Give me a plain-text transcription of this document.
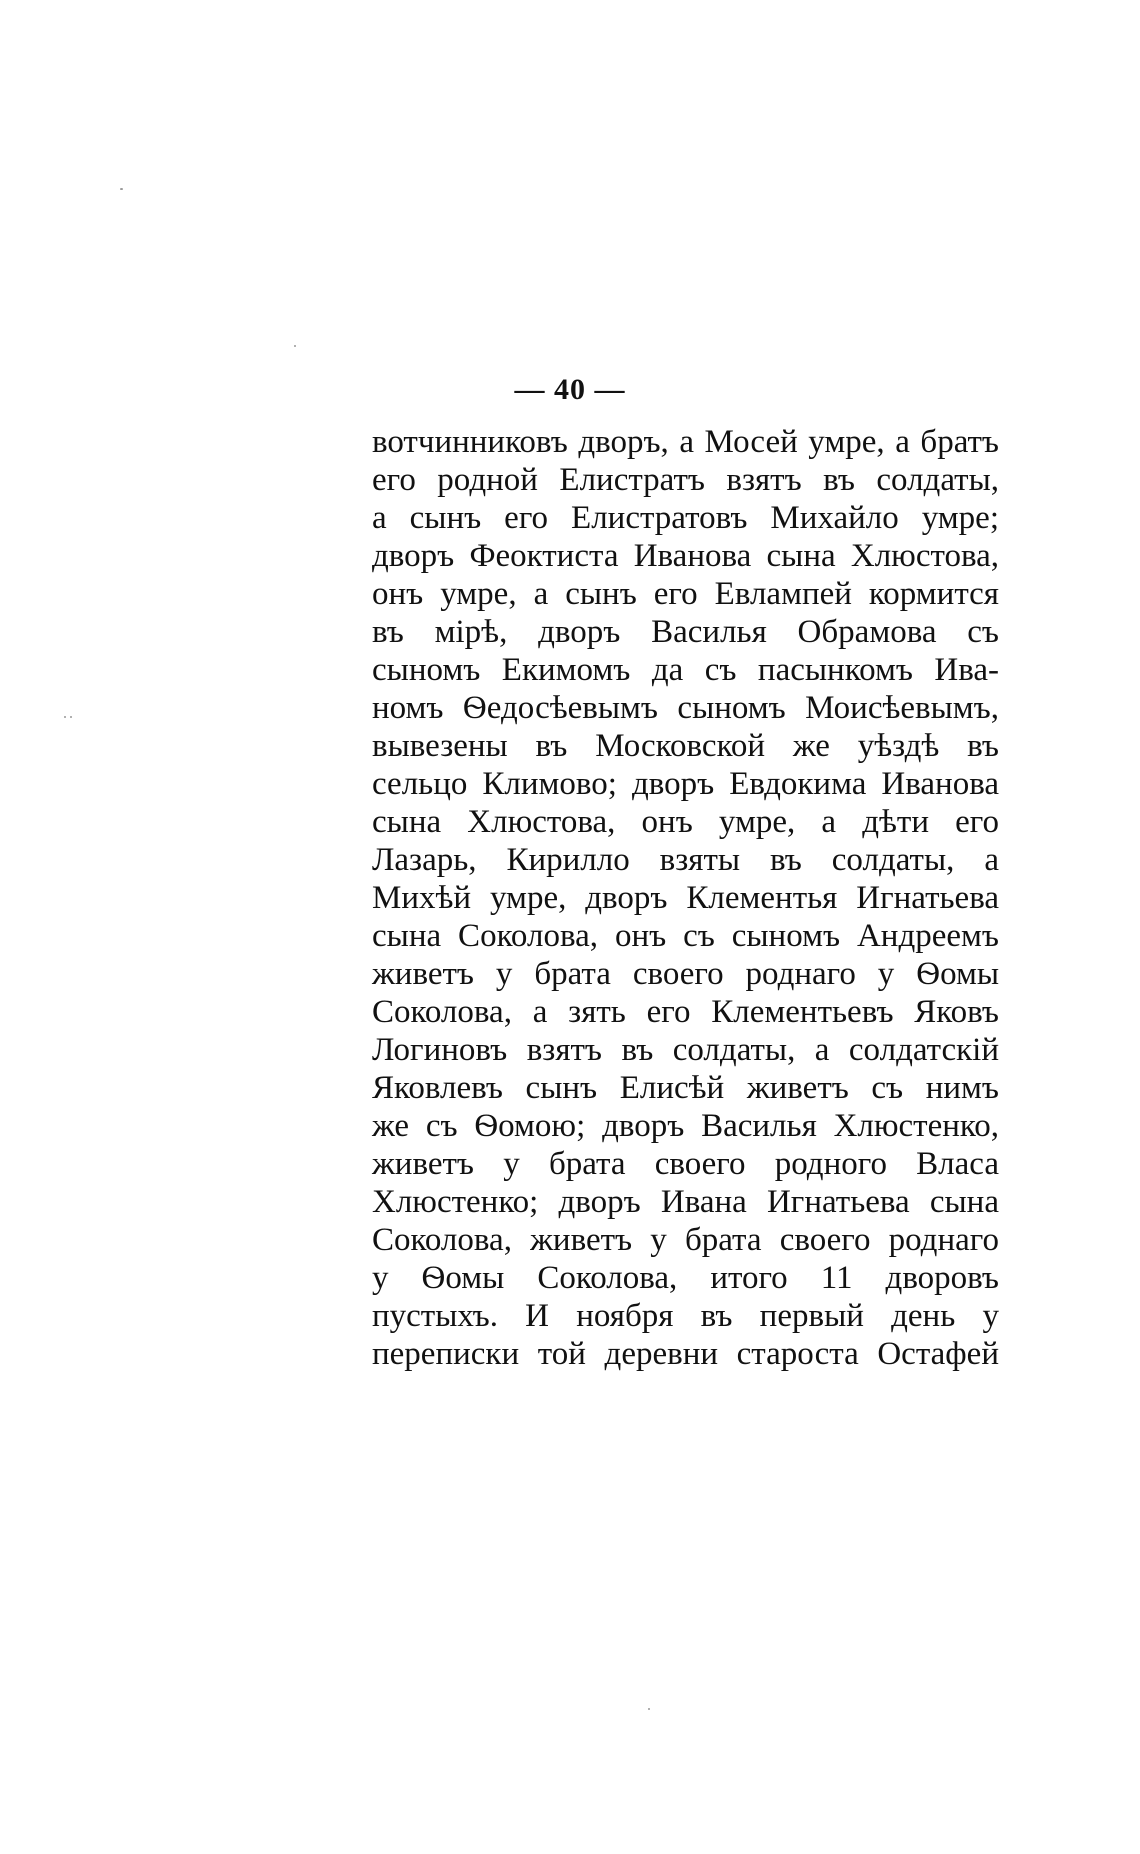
— 40 —
вотчинниковъ дворъ, а Мосей умре, а братъ
его родной Елистратъ взятъ въ солдаты,
а сынъ его Елистратовъ Михайло умре;
дворъ Феоктиста Иванова сына Хлюстова,
онъ умре, а сынъ его Евлампей кормится
въ мірѣ, дворъ Василья Обрамова съ
сыномъ Екимомъ да съ пасынкомъ Ива-
номъ Ѳедосѣевымъ сыномъ Моисѣевымъ,
вывезены въ Московской же уѣздѣ въ
сельцо Климово; дворъ Евдокима Иванова
сына Хлюстова, онъ умре, а дѣти его
Лазарь, Кирилло взяты въ солдаты, а
Михѣй умре, дворъ Клементья Игнатьева
сына Соколова, онъ съ сыномъ Андреемъ
живетъ у брата своего роднаго у Ѳомы
Соколова, а зять его Клементьевъ Яковъ
Логиновъ взятъ въ солдаты, а солдатскій
Яковлевъ сынъ Елисѣй живетъ съ нимъ
же съ Ѳомою; дворъ Василья Хлюстенко,
живетъ у брата своего родного Власа
Хлюстенко; дворъ Ивана Игнатьева сына
Соколова, живетъ у брата своего роднаго
у Ѳомы Соколова, итого 11 дворовъ
пустыхъ. И ноября въ первый день у
переписки той деревни староста Остафей
